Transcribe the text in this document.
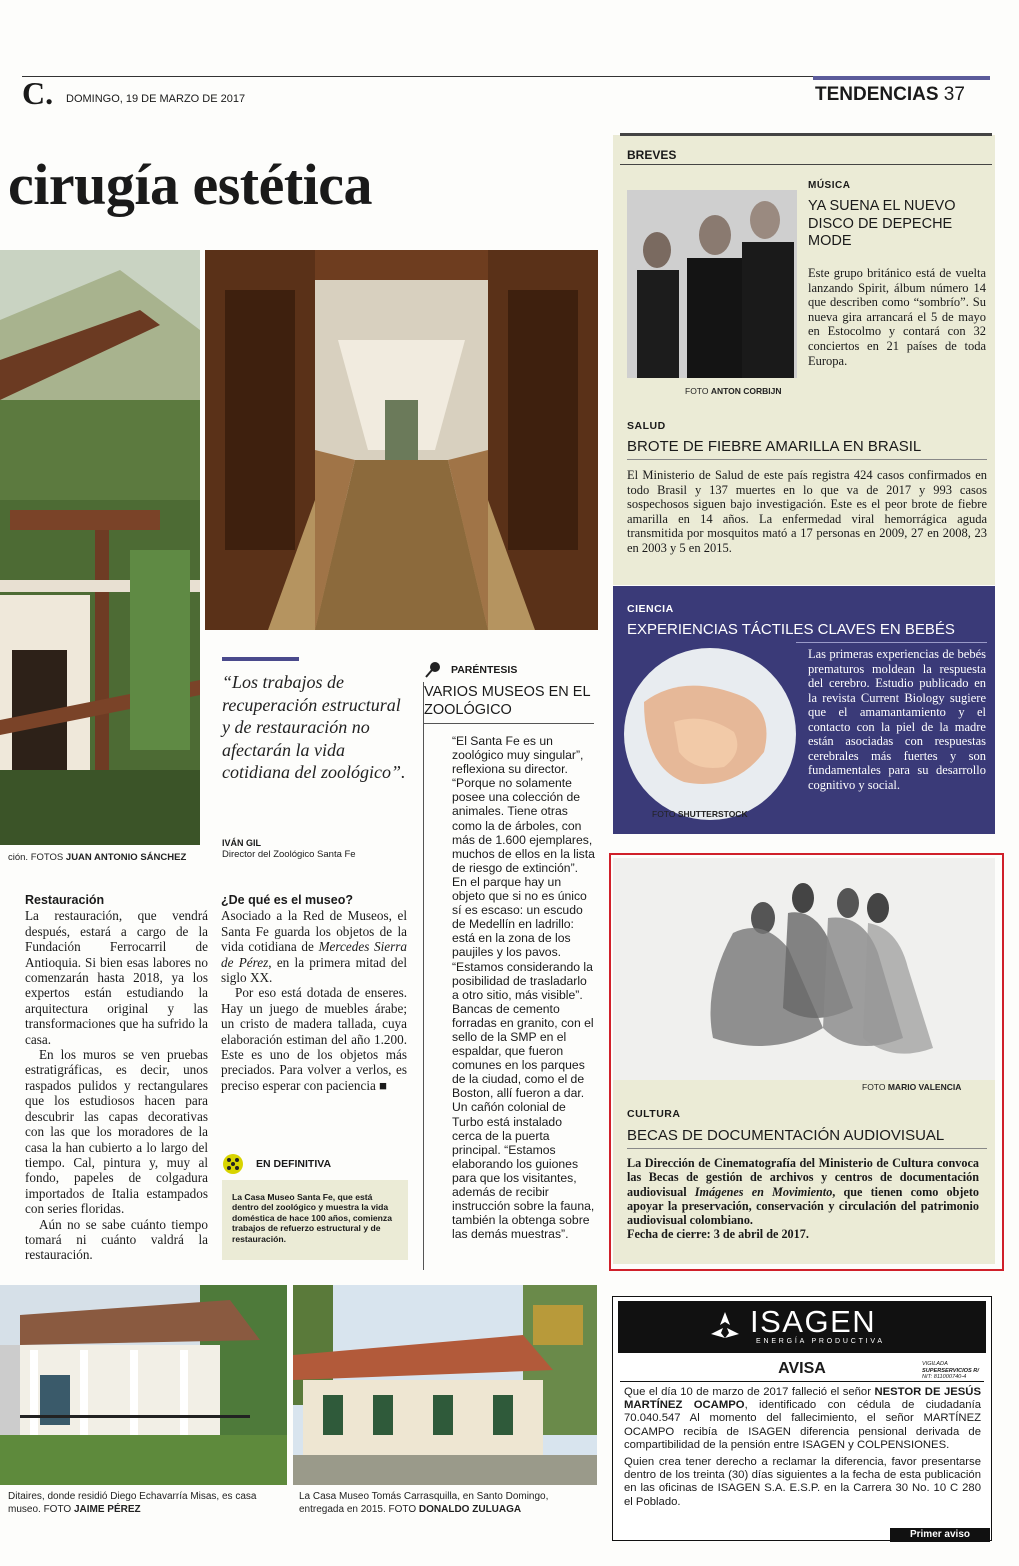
C. DOMINGO, 19 DE MARZO DE 2017	TENDENCIAS 37
cirugía estética
ción. FOTOS JUAN ANTONIO SÁNCHEZ
“Los trabajos de recuperación estructural y de restauración no afectarán la vida cotidiana del zoológico”.
IVÁN GIL
Director del Zoológico Santa Fe
PARÉNTESIS
VARIOS MUSEOS EN EL ZOOLÓGICO
“El Santa Fe es un zoológico muy singular”, reflexiona su director. “Porque no solamente posee una colección de animales. Tiene otras como la de árboles, con más de 1.600 ejemplares, muchos de ellos en la lista de riesgo de extinción”. En el parque hay un objeto que si no es único sí es escaso: un escudo de Medellín en ladrillo: está en la zona de los paujiles y los pavos. “Estamos considerando la posibilidad de trasladarlo a otro sitio, más visible”. Bancas de cemento forradas en granito, con el sello de la SMP en el espaldar, que fueron comunes en los parques de la ciudad, como el de Boston, allí fueron a dar. Un cañón colonial de Turbo está instalado cerca de la puerta principal. “Estamos elaborando los guiones para que los visitantes, además de recibir instrucción sobre la fauna, también la obtenga sobre las demás muestras”.
Restauración

La restauración, que vendrá después, estará a cargo de la Fundación Ferrocarril de Antioquia. Si bien esas labores no comenzarán hasta 2018, ya los expertos están estudiando la arquitectura original y las transformaciones que ha sufrido la casa.

En los muros se ven pruebas estratigráficas, es decir, unos raspados pulidos y rectangulares que los estudiosos hacen para descubrir las capas decorativas con las que los moradores de la casa la han cubierto a lo largo del tiempo. Cal, pintura y, muy al fondo, papeles de colgadura importados de Italia estampados con series floridas.

Aún no se sabe cuánto tiempo tomará ni cuánto valdrá la restauración.

¿De qué es el museo?

Asociado a la Red de Museos, el Santa Fe guarda los objetos de la vida cotidiana de Mercedes Sierra de Pérez, en la primera mitad del siglo XX.

Por eso está dotada de enseres. Hay un juego de muebles árabe; un cristo de madera tallada, cuya elaboración estiman del año 1.200. Este es uno de los objetos más preciados. Para volver a verlos, es preciso esperar con paciencia ■

EN DEFINITIVA
La Casa Museo Santa Fe, que está dentro del zoológico y muestra la vida doméstica de hace 100 años, comienza trabajos de refuerzo estructural y de restauración.
Ditaires, donde residió Diego Echavarría Misas, es casa museo. FOTO JAIME PÉREZ
La Casa Museo Tomás Carrasquilla, en Santo Domingo, entregada en 2015. FOTO DONALDO ZULUAGA
BREVES
FOTO ANTON CORBIJN
MÚSICA
YA SUENA EL NUEVO DISCO DE DEPECHE MODE
Este grupo británico está de vuelta lanzando Spirit, álbum número 14 que describen como “sombrío”. Su nueva gira arrancará el 5 de mayo en Estocolmo y contará con 32 conciertos en 21 países de toda Europa.
SALUD
BROTE DE FIEBRE AMARILLA EN BRASIL
El Ministerio de Salud de este país registra 424 casos confirmados en todo Brasil y 137 muertes en lo que va de 2017 y 993 casos sospechosos siguen bajo investigación. Este es el peor brote de fiebre amarilla en 14 años. La enfermedad viral hemorrágica aguda transmitida por mosquitos mató a 17 personas en 2009, 27 en 2008, 23 en 2003 y 5 en 2015.
CIENCIA
EXPERIENCIAS TÁCTILES CLAVES EN BEBÉS
FOTO SHUTTERSTOCK
Las primeras experiencias de bebés prematuros moldean la respuesta del cerebro. Estudio publicado en la revista Current Biology sugiere que el amamantamiento y el contacto con la piel de la madre están asociadas con respuestas cerebrales más fuertes y son fundamentales para su desarrollo cognitivo y social.
FOTO MARIO VALENCIA
CULTURA
BECAS DE DOCUMENTACIÓN AUDIOVISUAL
La Dirección de Cinematografía del Ministerio de Cultura convoca las Becas de gestión de archivos y centros de documentación audiovisual Imágenes en Movimiento, que tienen como objeto apoyar la preservación, conservación y circulación del patrimonio audiovisual colombiano.
Fecha de cierre: 3 de abril de 2017.
ISAGEN
ENERGÍA PRODUCTIVA
AVISA	VIGILADA
SUPERSERVICIOS R/
NIT: 811000740-4

Que el día 10 de marzo de 2017 falleció el señor NESTOR DE JESÚS MARTÍNEZ OCAMPO, identificado con cédula de ciudadanía 70.040.547 Al momento del fallecimiento, el señor MARTÍNEZ OCAMPO recibía de ISAGEN diferencia pensional derivada de compartibilidad de la pensión entre ISAGEN y COLPENSIONES.

Quien crea tener derecho a reclamar la diferencia, favor presentarse dentro de los treinta (30) días siguientes a la fecha de esta publicación en las oficinas de ISAGEN S.A. E.S.P. en la Carrera 30 No. 10 C 280 el Poblado.

Primer aviso
